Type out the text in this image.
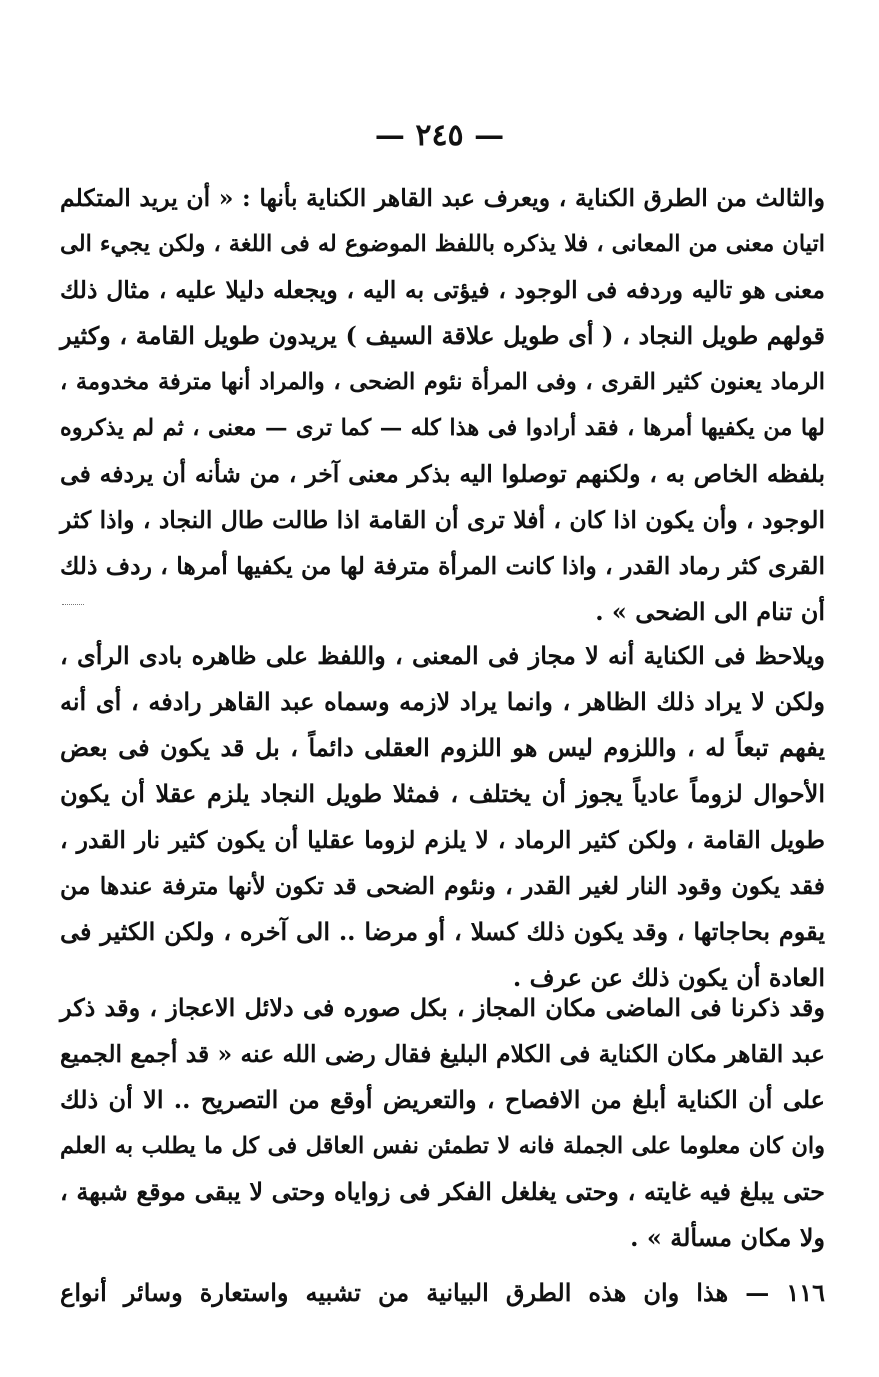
— ٢٤٥ —
والثالث من الطرق الكناية ، ويعرف عبد القاهر الكناية بأنها : « أن يريد المتكلم
اتيان معنى من المعانى ، فلا يذكره باللفظ الموضوع له فى اللغة ، ولكن يجيء الى
معنى هو تاليه وردفه فى الوجود ، فيؤتى به اليه ، ويجعله دليلا عليه ، مثال ذلك
قولهم طويل النجاد ، ( أى طويل علاقة السيف ) يريدون طويل القامة ، وكثير
الرماد يعنون كثير القرى ، وفى المرأة نئوم الضحى ، والمراد أنها مترفة مخدومة ،
لها من يكفيها أمرها ، فقد أرادوا فى هذا كله — كما ترى — معنى ، ثم لم يذكروه
بلفظه الخاص به ، ولكنهم توصلوا اليه بذكر معنى آخر ، من شأنه أن يردفه فى
الوجود ، وأن يكون اذا كان ، أفلا ترى أن القامة اذا طالت طال النجاد ، واذا كثر
القرى كثر رماد القدر ، واذا كانت المرأة مترفة لها من يكفيها أمرها ، ردف ذلك
أن تنام الى الضحى » .
ويلاحظ فى الكناية أنه لا مجاز فى المعنى ، واللفظ على ظاهره بادى الرأى ،
ولكن لا يراد ذلك الظاهر ، وانما يراد لازمه وسماه عبد القاهر رادفه ، أى أنه
يفهم تبعاً له ، واللزوم ليس هو اللزوم العقلى دائماً ، بل قد يكون فى بعض
الأحوال لزوماً عادياً يجوز أن يختلف ، فمثلا طويل النجاد يلزم عقلا أن يكون
طويل القامة ، ولكن كثير الرماد ، لا يلزم لزوما عقليا أن يكون كثير نار القدر ،
فقد يكون وقود النار لغير القدر ، ونئوم الضحى قد تكون لأنها مترفة عندها من
يقوم بحاجاتها ، وقد يكون ذلك كسلا ، أو مرضا .. الى آخره ، ولكن الكثير فى
العادة أن يكون ذلك عن عرف .
وقد ذكرنا فى الماضى مكان المجاز ، بكل صوره فى دلائل الاعجاز ، وقد ذكر
عبد القاهر مكان الكناية فى الكلام البليغ فقال رضى الله عنه « قد أجمع الجميع
على أن الكناية أبلغ من الافصاح ، والتعريض أوقع من التصريح .. الا أن ذلك
وان كان معلوما على الجملة فانه لا تطمئن نفس العاقل فى كل ما يطلب به العلم
حتى يبلغ فيه غايته ، وحتى يغلغل الفكر فى زواياه وحتى لا يبقى موقع شبهة ،
ولا مكان مسألة » .
١١٦ — هذا وان هذه الطرق البيانية من تشبيه واستعارة وسائر أنواع
